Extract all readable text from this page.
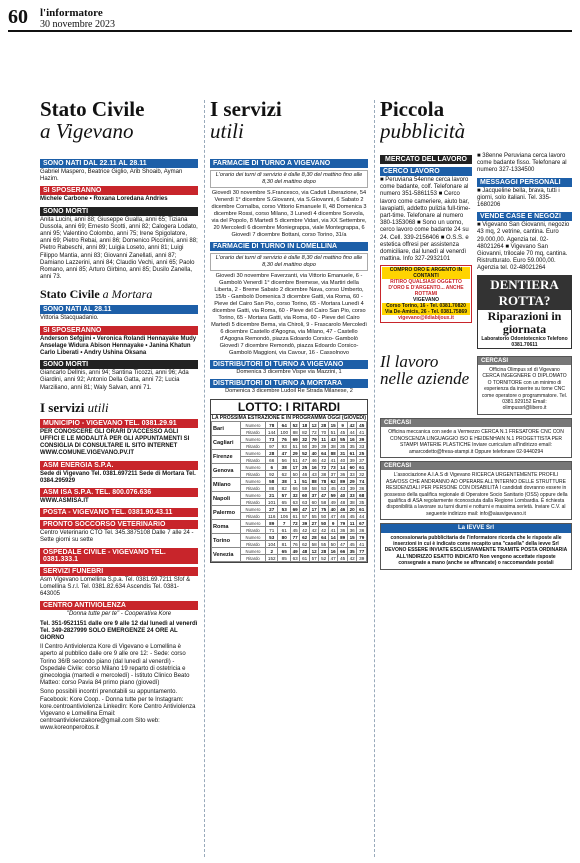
60 l'informatore
30 novembre 2023
Stato Civile
a Vigevano
SONO NATI DAL 22.11 AL 28.11
Gabriel Maspero, Beatrice Giglio, Arib Shoaib, Ayman Hazim.
SI SPOSERANNO
Michele Carbone • Roxana Loredana Andries
SONO MORTI
Anita Lucini, anni 88; Giuseppe Gualla, anni 65; Tiziana Dussola, anni 69; Ernesto Scotti, anni 82; Calogera Lodato, anni 95; Valentino Colombo, anni 75; Irene Spigolatore, anni 69; Pietro Rebai, anni 86; Domenico Piccinini, anni 88; Pietro Rabeschi, anni 89; Luigia Loseto, anni 81; Luigi Filippo Mantia, anni 83; Giovanni Zanellati, anni 87; Damiano Lazzerini, anni 84; Claudio Vechi, anni 65; Paolo Romano, anni 85; Arturo Girbino, anni 85; Dusilo Zanella, anni 73.
Stato Civile a Mortara
SONO NATI AL 28.11
Vittoria Stacquadanio.
SI SPOSERANNO
Anderson Sefgjini • Veronica Rolandi Hennayake Mudy Anselage Widura Abison Hennayake • Janina Khatun Carlo Liberati • Andry Ushina Oksana
SONO MORTI
Giancarlo Dellnis, anni 94; Santina Ticozzi, anni 96; Ada Giardini, anni 92; Antonio Della Gatta, anni 72; Lucia Marziliano, anni 81; Waly Salvan, anni 71.
I servizi utili
MUNICIPIO - VIGEVANO TEL. 0381.29.91
PER CONOSCERE GLI ORARI D'ACCESSO AGLI UFFICI E LE MODALITÀ PER GLI APPUNTAMENTI SI CONSIGLIA DI CONSULTARE IL SITO INTERNET WWW.COMUNE.VIGEVANO.PV.IT
ASM ENERGIA S.P.A.
Sede di Vigevano Tel. 0381.697211 Sede di Mortara Tel. 0384.295929
ASM ISA S.P.A. TEL. 800.076.636
WWW.ASMISA.IT
POSTA - VIGEVANO TEL. 0381.90.43.11
PRONTO SOCCORSO VETERINARIO
Centro Veterinario CTO Tel. 345.3875108 Dalle 7 alle 24 - Sette giorni su sette
OSPEDALE CIVILE - VIGEVANO TEL. 0381.333.1
SERVIZI FUNEBRI
Asm Vigevano Lomellina S.p.a. Tel. 0381.69.7211 Sfof & Lomellina S.r.l. Tel. 0381.82.634 Ascendis Tel. 0381-643005
CENTRO ANTIVIOLENZA
"Donna tutte per te" - Cooperativa Kore
Tel. 351-9521151 dalle ore 9 alle 12 dal lunedì al venerdì Tel. 349-2827999 SOLO EMERGENZE 24 ORE AL GIORNO
Il Centro Antiviolenza Kore di Vigevano e Lomellina è aperto al pubblico dalle ore 9 alle ore 12: - Sede: corso Torino 36/B secondo piano (dal lunedì al venerdì) - Ospedale Civile: corso Milano 19 reparto di ostetricia e ginecologia (martedì e mercoledì) - Istituto Clinico Beato Matteo: corso Pavia 84 primo piano (giovedì)
Sono possibili incontri prenotabili su appuntamento. Facebook: Kore Coop. - Donna tutte per te Instagram: kore.centroantiviolenza LinkedIn: Kore Centro Antiviolenza Vigevano e Lomellina Email: centroantiviolenzakore@gmail.com Sito web: www.koreonperoitos.it
I servizi
utili
FARMACIE DI TURNO A VIGEVANO
L'orario dei turni di servizio è dalle 8,30 del mattino fino alle 8,30 del mattino dopo
Giovedì 30 novembre S.Francesco, via Caduti Liberazione, 54 Venerdì 1° dicembre S.Giovanni, via S.Giovanni, 6 Sabato 2 dicembre Cornalba, corso Vittorio Emanuele II, 48 Domenica 3 dicembre Rossi, corso Milano, 3 Lunedì 4 dicembre Scevola, via del Popolo, 8 Martedì 5 dicembre Vidari, via XX Settembre, 20 Mercoledì 6 dicembre Moniegrappa, viale Montegrappa, 6 Giovedì 7 dicembre Bottani, corso Torino, 31/a
FARMACIE DI TURNO IN LOMELLINA
L'orario dei turni di servizio è dalle 8,30 del mattino fino alle 8,30 del mattino dopo
Giovedì 30 novembre Faverzanti, via Vittorio Emanuele, 6 - Gambolò Venerdì 1° dicembre Bremese, via Martiri della Liberta, 2 - Breme Sabato 2 dicembre Nava, corso Umberto, 15/b - Gambolò Domenica 3 dicembre Gatti, via Roma, 60 - Pieve del Cairo San Pio, corso Torino, 65 - Mortara Lunedì 4 dicembre Gatti, via Roma, 60 - Pieve del Cairo San Pio, corso Torino, 65 - Mortara Gatti, via Roma, 60 - Pieve del Cairo Martedì 5 dicembre Bema, via Chiroli, 9 - Frascarolo Mercoledì 6 dicembre Castello d'Agogna, via Milano, 47 - Castello d'Agogna Remondò, piazza Edoardo Corsico- Gambolò Giovedì 7 dicembre Remondò, piazza Edoardo Corsico- Gambolò Maggioni, via Cavour, 16 - Cassolnovo
DISTRIBUTORI DI TURNO A VIGEVANO
Domenica 3 dicembre Vispe via Mazzini, 1
DISTRIBUTORI DI TURNO A MORTARA
Domenica 3 dicembre Ludoil Re Strada Milanese, 2
LOTTO: I RITARDI
LA PROSSIMA ESTRAZIONE È IN PROGRAMMA OGGI (GIOVEDÌ)
Bari	Numero	78	64	52	18	12	28	15	9	42	45
	Ritardo	144	100	88	82	72	70	51	45	44	41
Cagliari	Numero	73	76	69	32	79	11	43	55	16	39
	Ritardo	97	93	51	50	39	39	38	35	35	33
Firenze	Numero	28	47	29	52	40	64	88	31	61	25
	Ritardo	66	56	51	47	46	42	41	40	39	37
Genova	Numero	6	38	17	25	16	72	73	14	60	61
	Ritardo	92	62	50	46	43	38	37	36	33	32
Milano	Numero	58	38	1	51	88	78	62	89	29	74
	Ritardo	88	82	66	59	58	53	45	43	39	36
Napoli	Numero	21	57	32	60	37	47	59	40	33	68
	Ritardo	101	65	63	63	60	58	49	48	38	35
Palermo	Numero	27	53	69	47	17	75	40	46	20	61
	Ritardo	116	106	61	57	55	50	47	46	45	44
Roma	Numero	89	7	72	39	27	50	9	79	11	67
	Ritardo	71	61	45	42	42	42	41	36	36	36
Torino	Numero	53	80	77	62	28	64	14	89	15	79
	Ritardo	104	81	76	62	58	55	50	47	45	41
Venezia	Numero	2	65	49	48	12	28	16	66	35	77
	Ritardo	152	85	63	61	57	52	47	45	42	39
Piccola
pubblicità
MERCATO DEL LAVORO
CERCO LAVORO
■ Peruviana 54enne cerca lavoro come badante, colf. Telefonare al numero 351-5861153 ■ Cerco lavoro come cameriere, aiuto bar, lavapiatti, addetto pulizia full-time-part-time. Telefonare al numero 380-1353068 ■ Sono un uomo, cerco lavoro come badante 24 su 24. Cell. 339-2156406 ■ O.S.S. e estetica offresi per assistenza domiciliare, dal lunedì al venerdì mattina. Info 327-2932101
COMPRO ORO E ARGENTO IN CONTANTI
RITIRO QUALSIASI OGGETTO D'ORO E D'ARGENTO... ANCHE ROTTAMI
VIGEVANO
Corso Torino, 16 - Tel. 0381.70820 Via De-Amicis, 26 - Tel. 0381.75869
vigevano@ildiabijoux.it
■ 38enne Peruviana cerca lavoro come badante fisso. Telefonare al numero 327-1334500
MESSAGGI PERSONALI
■ Jacqueline bella, brava, tutti i giorni, solo italiani. Tel. 335-1680206
VENDE CASE E NEGOZI
■ Vigevano San Giovanni, negozio 43 mq, 2 vetrine, cantina. Euro 29.000,00. Agenzia tel. 02-48021264 ■ Vigevano San Giovanni, trilocale 70 mq, cantina. Ristrutturato. Euro 59.000,00. Agenzia tel. 02-48021264
DENTIERA ROTTA?
Riparazioni in giornata
Laboratorio Odontotecnico Telefono 0381.70611
Il lavoro nelle aziende
CERCASI
Officina Olimpus srl di Vigevano CERCA INGEGNERE O DIPLOMATO O TORNITORE con un minimo di esperienza da inserire su torne CNC come operatore o programmatore. Tel. 0381.929152 Email: olimpussrl@libero.it
CERCASI
Officina meccanica con sede a Vermezzo CERCA N.1 FRESATORE CNC CON CONOSCENZA LINGUAGGIO ISO E HEIDENHAIN N.1 PROGETTISTA PER STAMPI MATERIE PLASTICHE Inviare curriculum all'indirizzo email: amarcodetto@fresa-stampi.it Oppure telefonare 02-9440294
CERCASI
L'associazione A.I.A.S di Vigevano RICERCA URGENTEMENTE PROFILI ASA/OSS CHE ANDRANNO AD OPERARE ALL'INTERNO DELLE STRUTTURE RESIDENZIALI PER PERSONE CON DISABILITÀ I candidati dovranno essere in possesso della qualifica regionale di Operatore Socio Sanitario (OSS) oppure della qualifica di ASA regolarmente riconosciuta dalla Regione Lombardia. È richiesta disponibilità a lavorare su turni diurni e notturni e massima serietà. Inviare C.V. al seguente indirizzo mail: info@aiasvigevano.it
La IEVVE Srl
concessionaria pubblicitaria de l'informatore ricorda che le risposte alle inserzioni in cui è indicato come recapito una "casella" della ievve Srl DEVONO ESSERE INVIATE ESCLUSIVAMENTE TRAMITE POSTA ORDINARIA ALL'INDIRIZZO ESATTO INDICATO Non vengono accettate risposte consegnate a mano (anche se affrancate) o raccomandate postali
